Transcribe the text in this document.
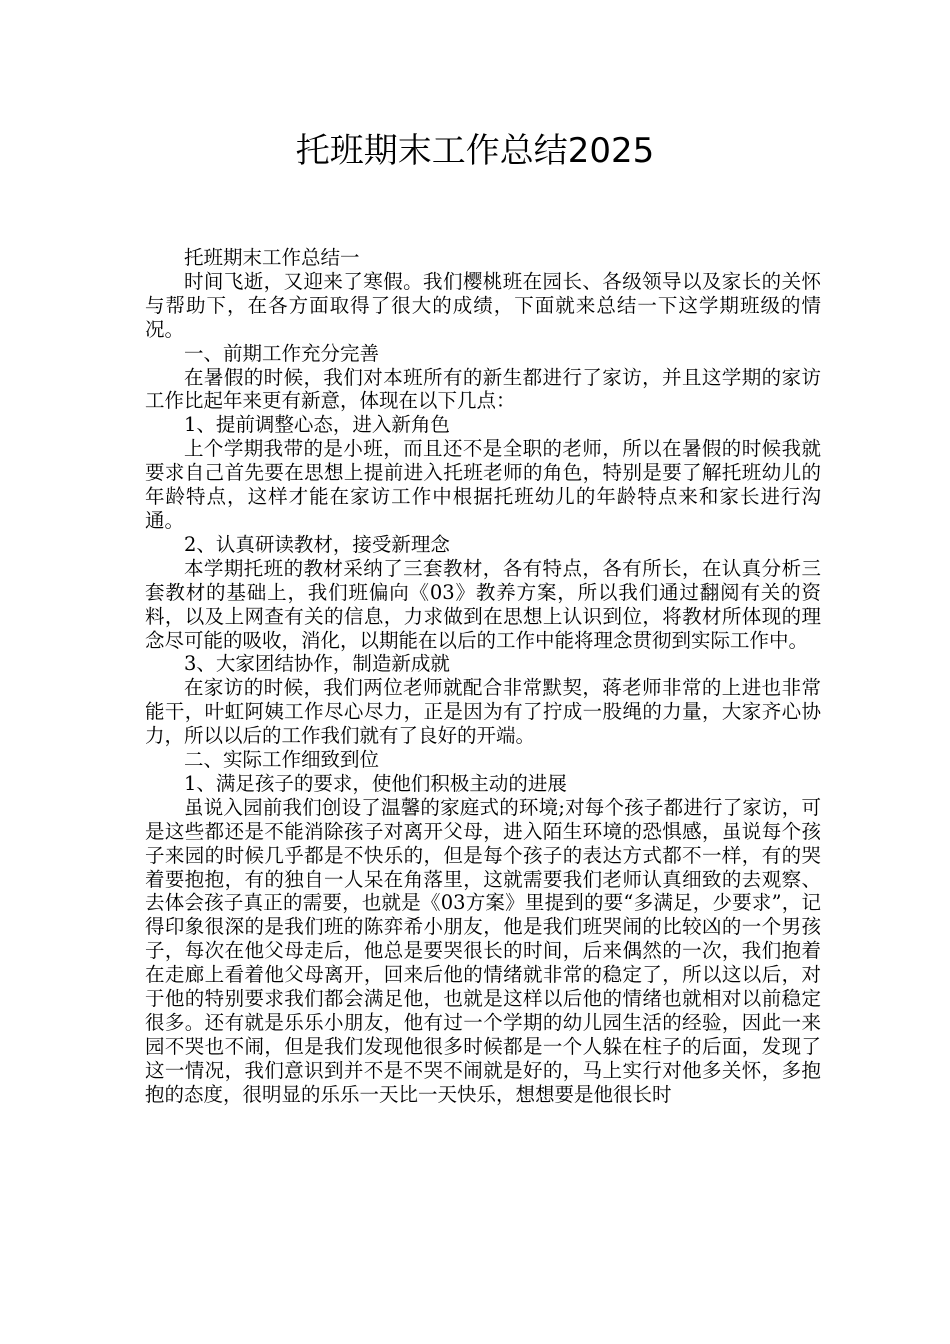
托班期末工作总结2025

托班期末工作总结一

时间飞逝，又迎来了寒假。我们樱桃班在园长、各级领导以及家长的关怀与帮助下，在各方面取得了很大的成绩，下面就来总结一下这学期班级的情况。

一、前期工作充分完善

在暑假的时候，我们对本班所有的新生都进行了家访，并且这学期的家访工作比起年来更有新意，体现在以下几点：

1、提前调整心态，进入新角色

上个学期我带的是小班，而且还不是全职的老师，所以在暑假的时候我就要求自己首先要在思想上提前进入托班老师的角色，特别是要了解托班幼儿的年龄特点，这样才能在家访工作中根据托班幼儿的年龄特点来和家长进行沟通。

2、认真研读教材，接受新理念

本学期托班的教材采纳了三套教材，各有特点，各有所长，在认真分析三套教材的基础上，我们班偏向《03》教养方案，所以我们通过翻阅有关的资料，以及上网查有关的信息，力求做到在思想上认识到位，将教材所体现的理念尽可能的吸收，消化，以期能在以后的工作中能将理念贯彻到实际工作中。

3、大家团结协作，制造新成就

在家访的时候，我们两位老师就配合非常默契，蒋老师非常的上进也非常能干，叶虹阿姨工作尽心尽力，正是因为有了拧成一股绳的力量，大家齐心协力，所以以后的工作我们就有了良好的开端。

二、实际工作细致到位

1、满足孩子的要求，使他们积极主动的进展

虽说入园前我们创设了温馨的家庭式的环境;对每个孩子都进行了家访，可是这些都还是不能消除孩子对离开父母，进入陌生环境的恐惧感，虽说每个孩子来园的时候几乎都是不快乐的，但是每个孩子的表达方式都不一样，有的哭着要抱抱，有的独自一人呆在角落里，这就需要我们老师认真细致的去观察、去体会孩子真正的需要，也就是《03方案》里提到的要“多满足，少要求”，记得印象很深的是我们班的陈弈希小朋友，他是我们班哭闹的比较凶的一个男孩子，每次在他父母走后，他总是要哭很长的时间，后来偶然的一次，我们抱着在走廊上看着他父母离开，回来后他的情绪就非常的稳定了，所以这以后，对于他的特别要求我们都会满足他，也就是这样以后他的情绪也就相对以前稳定很多。还有就是乐乐小朋友，他有过一个学期的幼儿园生活的经验，因此一来园不哭也不闹，但是我们发现他很多时候都是一个人躲在柱子的后面，发现了这一情况，我们意识到并不是不哭不闹就是好的，马上实行对他多关怀，多抱抱的态度，很明显的乐乐一天比一天快乐，想想要是他很长时
